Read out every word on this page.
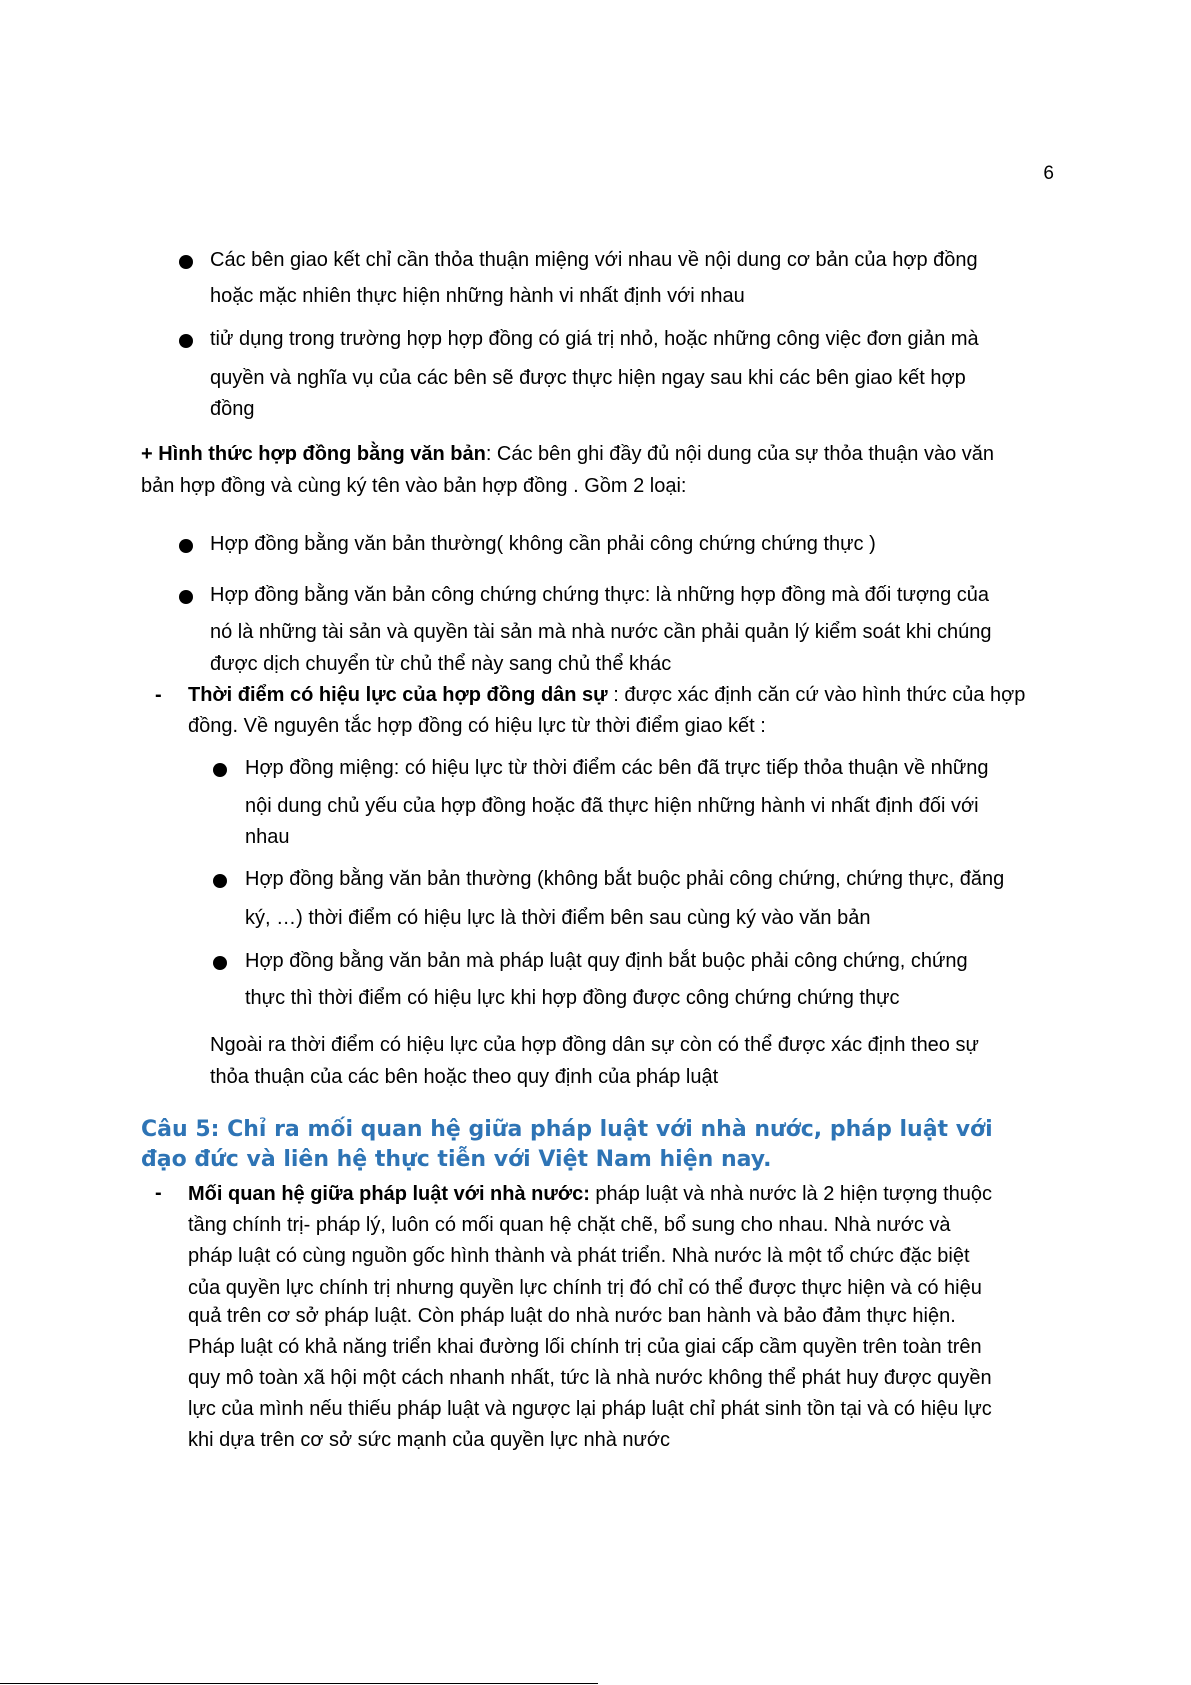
6
Các bên giao kết chỉ cần thỏa thuận miệng với nhau về nội dung cơ bản của hợp đồng
hoặc mặc nhiên thực hiện những hành vi nhất định với nhau
tiử dụng trong trường hợp hợp đồng có giá trị nhỏ, hoặc những công việc đơn giản mà
quyền và nghĩa vụ của các bên sẽ được thực hiện ngay sau khi các bên giao kết hợp
đồng
+ Hình thức hợp đồng bằng văn bản: Các bên ghi đầy đủ nội dung của sự thỏa thuận vào văn
bản hợp đồng và cùng ký tên vào bản hợp đồng . Gồm 2 loại:
Hợp đồng bằng văn bản thường( không cần phải công chứng chứng thực )
Hợp đồng bằng văn bản công chứng chứng thực: là những hợp đồng mà đối tượng của
nó là những tài sản và quyền tài sản mà nhà nước cần phải quản lý kiểm soát khi chúng
được dịch chuyển từ chủ thể này sang chủ thể khác
- Thời điểm có hiệu lực của hợp đồng dân sự : được xác định căn cứ vào hình thức của hợp
đồng. Về nguyên tắc hợp đồng có hiệu lực từ thời điểm giao kết :
Hợp đồng miệng: có hiệu lực từ thời điểm các bên đã trực tiếp thỏa thuận về những
nội dung chủ yếu của hợp đồng hoặc đã thực hiện những hành vi nhất định đối với
nhau
Hợp đồng bằng văn bản thường (không bắt buộc phải công chứng, chứng thực, đăng
ký, …) thời điểm có hiệu lực là thời điểm bên sau cùng ký vào văn bản
Hợp đồng bằng văn bản mà pháp luật quy định bắt buộc phải công chứng, chứng
thực thì thời điểm có hiệu lực khi hợp đồng được công chứng chứng thực
Ngoài ra thời điểm có hiệu lực của hợp đồng dân sự còn có thể được xác định theo sự
thỏa thuận của các bên hoặc theo quy định của pháp luật
Câu 5: Chỉ ra mối quan hệ giữa pháp luật với nhà nước, pháp luật với
đạo đức và liên hệ thực tiễn với Việt Nam hiện nay.
- Mối quan hệ giữa pháp luật với nhà nước: pháp luật và nhà nước là 2 hiện tượng thuộc
tầng chính trị- pháp lý, luôn có mối quan hệ chặt chẽ, bổ sung cho nhau. Nhà nước và
pháp luật có cùng nguồn gốc hình thành và phát triển. Nhà nước là một tổ chức đặc biệt
của quyền lực chính trị nhưng quyền lực chính trị đó chỉ có thể được thực hiện và có hiệu
quả trên cơ sở pháp luật. Còn pháp luật do nhà nước ban hành và bảo đảm thực hiện.
Pháp luật có khả năng triển khai đường lối chính trị của giai cấp cầm quyền trên toàn trên
quy mô toàn xã hội một cách nhanh nhất, tức là nhà nước không thể phát huy được quyền
lực của mình nếu thiếu pháp luật và ngược lại pháp luật chỉ phát sinh tồn tại và có hiệu lực
khi dựa trên cơ sở sức mạnh của quyền lực nhà nước
